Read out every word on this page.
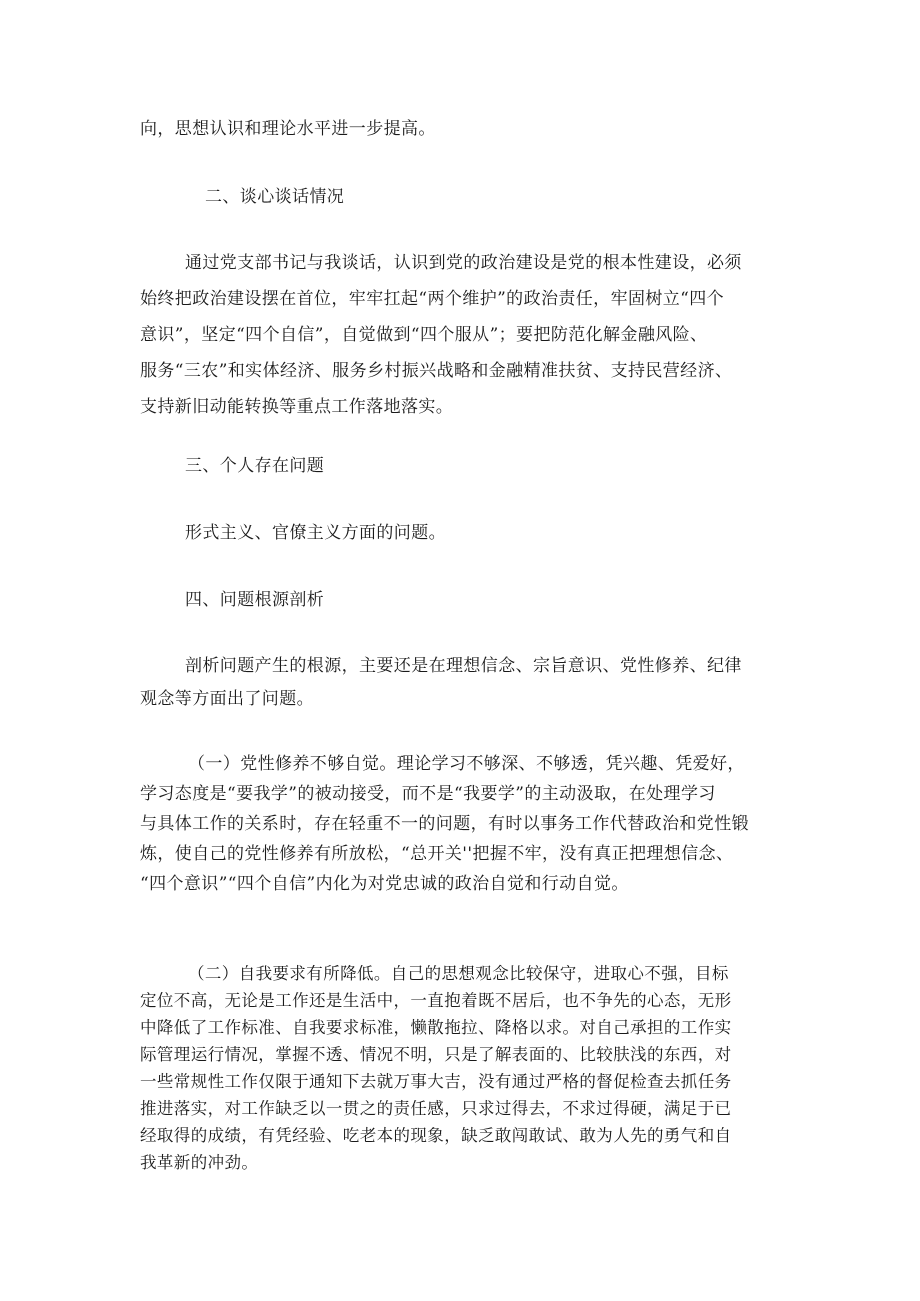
向，思想认识和理论水平进一步提高。

二、谈心谈话情况

通过党支部书记与我谈话，认识到党的政治建设是党的根本性建设，必须
始终把政治建设摆在首位，牢牢扛起“两个维护”的政治责任，牢固树立“四个
意识”，坚定“四个自信”，自觉做到“四个服从”；要把防范化解金融风险、
服务“三农”和实体经济、服务乡村振兴战略和金融精准扶贫、支持民营经济、
支持新旧动能转换等重点工作落地落实。

三、个人存在问题

形式主义、官僚主义方面的问题。

四、问题根源剖析

剖析问题产生的根源，主要还是在理想信念、宗旨意识、党性修养、纪律
观念等方面出了问题。

（一）党性修养不够自觉。理论学习不够深、不够透，凭兴趣、凭爱好，
学习态度是“要我学”的被动接受，而不是“我要学”的主动汲取，在处理学习
与具体工作的关系时，存在轻重不一的问题，有时以事务工作代替政治和党性锻
炼，使自己的党性修养有所放松，“总开关''把握不牢，没有真正把理想信念、
“四个意识”“四个自信”内化为对党忠诚的政治自觉和行动自觉。

（二）自我要求有所降低。自己的思想观念比较保守，进取心不强，目标
定位不高，无论是工作还是生活中，一直抱着既不居后，也不争先的心态，无形
中降低了工作标准、自我要求标准，懒散拖拉、降格以求。对自己承担的工作实
际管理运行情况，掌握不透、情况不明，只是了解表面的、比较肤浅的东西，对
一些常规性工作仅限于通知下去就万事大吉，没有通过严格的督促检查去抓任务
推进落实，对工作缺乏以一贯之的责任感，只求过得去，不求过得硬，满足于已
经取得的成绩，有凭经验、吃老本的现象，缺乏敢闯敢试、敢为人先的勇气和自
我革新的冲劲。
